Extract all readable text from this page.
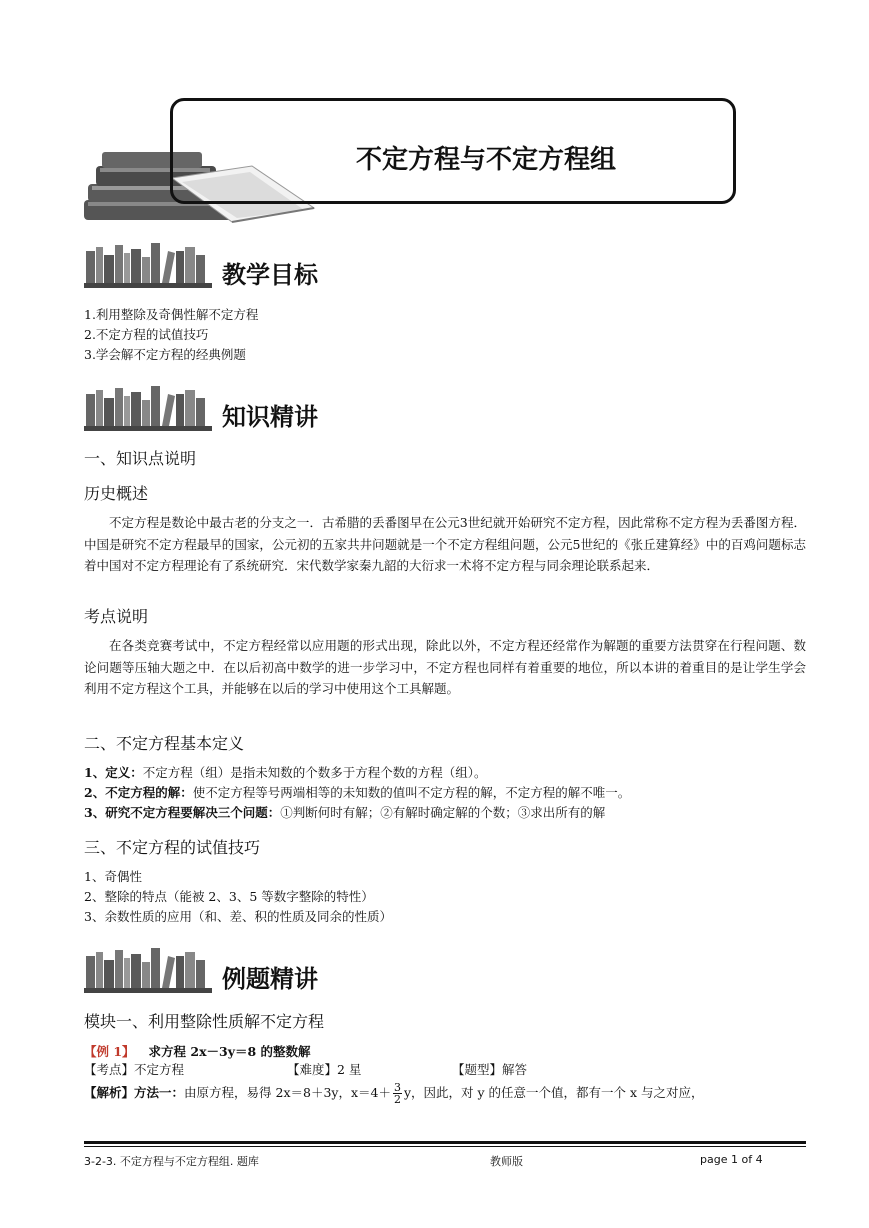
不定方程与不定方程组
教学目标
1.利用整除及奇偶性解不定方程
2.不定方程的试值技巧
3.学会解不定方程的经典例题
知识精讲
一、知识点说明
历史概述
不定方程是数论中最古老的分支之一．古希腊的丢番图早在公元3世纪就开始研究不定方程，因此常称不定方程为丢番图方程．中国是研究不定方程最早的国家，公元初的五家共井问题就是一个不定方程组问题，公元5世纪的《张丘建算经》中的百鸡问题标志着中国对不定方程理论有了系统研究．宋代数学家秦九韶的大衍求一术将不定方程与同余理论联系起来．
考点说明
在各类竞赛考试中，不定方程经常以应用题的形式出现，除此以外，不定方程还经常作为解题的重要方法贯穿在行程问题、数论问题等压轴大题之中．在以后初高中数学的进一步学习中，不定方程也同样有着重要的地位，所以本讲的着重目的是让学生学会利用不定方程这个工具，并能够在以后的学习中使用这个工具解题。
二、不定方程基本定义
1、定义：不定方程（组）是指未知数的个数多于方程个数的方程（组）。
2、不定方程的解：使不定方程等号两端相等的未知数的值叫不定方程的解，不定方程的解不唯一。
3、研究不定方程要解决三个问题：①判断何时有解；②有解时确定解的个数；③求出所有的解
三、不定方程的试值技巧
1、奇偶性
2、整除的特点（能被 2、3、5 等数字整除的特性）
3、余数性质的应用（和、差、积的性质及同余的性质）
例题精讲
模块一、利用整除性质解不定方程
【例 1】 求方程 2x－3y＝8 的整数解
【考点】不定方程	【难度】2 星	【题型】解答
【解析】方法一：由原方程，易得 2x＝8＋3y，$x=4+ \frac{3}{2}$ y，因此，对 y 的任意一个值，都有一个 x 与之对应，
3-2-3. 不定方程与不定方程组. 题库	教师版	page 1 of 4
